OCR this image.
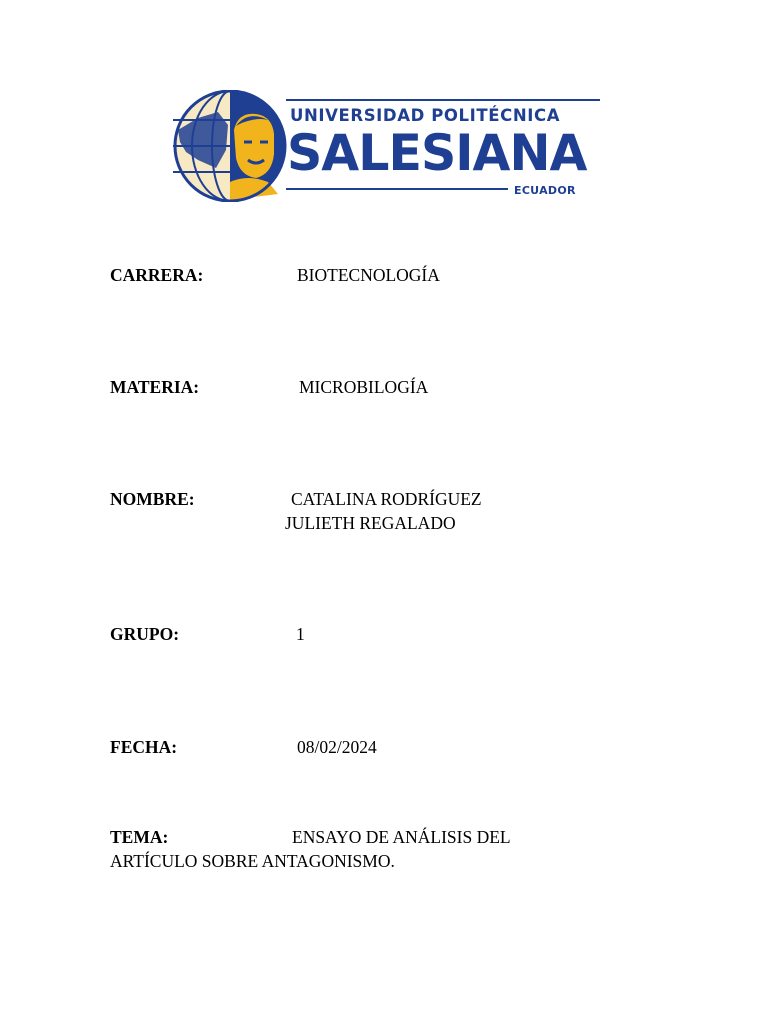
UNIVERSIDAD POLITÉCNICA
SALESIANA
ECUADOR
CARRERA:	BIOTECNOLOGÍA
MATERIA:	MICROBILOGÍA
NOMBRE:	CATALINA RODRÍGUEZ
JULIETH REGALADO
GRUPO:	1
FECHA:	08/02/2024
TEMA:	ENSAYO DE ANÁLISIS DEL
ARTÍCULO SOBRE ANTAGONISMO.
